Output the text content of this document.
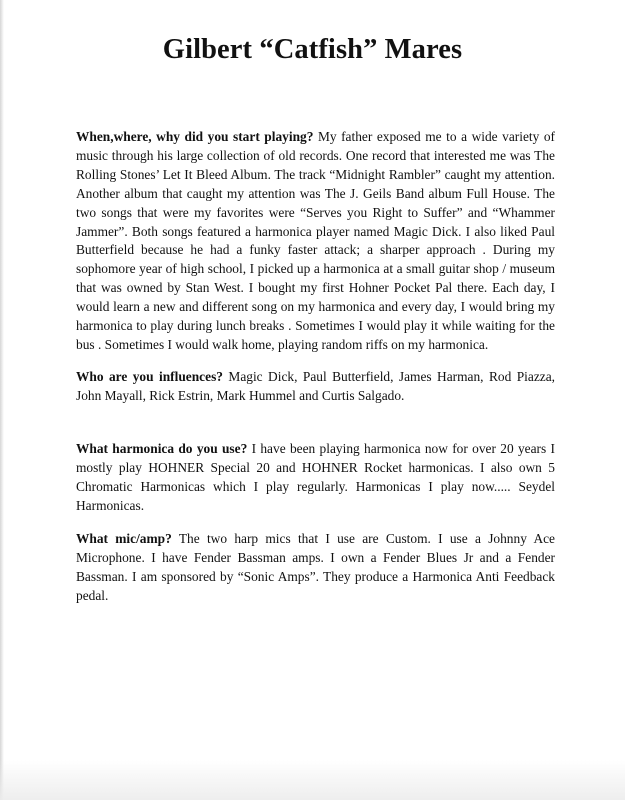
Gilbert “Catfish” Mares

When,where, why did you start playing? My father exposed me to a wide variety of music through his large collection of old records. One record that interested me was The Rolling Stones’ Let It Bleed Album. The track “Midnight Rambler” caught my attention. Another album that caught my attention was The J. Geils Band album Full House. The two songs that were my favorites were “Serves you Right to Suffer” and “Whammer Jammer”. Both songs featured a harmonica player named Magic Dick. I also liked Paul Butterfield because he had a funky faster attack; a sharper approach . During my sophomore year of high school, I picked up a harmonica at a small guitar shop / museum that was owned by Stan West. I bought my first Hohner Pocket Pal there. Each day, I would learn a new and different song on my harmonica and every day, I would bring my harmonica to play during lunch breaks . Sometimes I would play it while waiting for the bus . Sometimes I would walk home, playing random riffs on my harmonica.

Who are you influences? Magic Dick, Paul Butterfield, James Harman, Rod Piazza, John Mayall, Rick Estrin, Mark Hummel and Curtis Salgado.

What harmonica do you use? I have been playing harmonica now for over 20 years I mostly play HOHNER Special 20 and HOHNER Rocket harmonicas. I also own 5 Chromatic Harmonicas which I play regularly. Harmonicas I play now..... Seydel Harmonicas.

What mic/amp? The two harp mics that I use are Custom. I use a Johnny Ace Microphone. I have Fender Bassman amps. I own a Fender Blues Jr and a Fender Bassman. I am sponsored by “Sonic Amps”. They produce a Harmonica Anti Feedback pedal.
